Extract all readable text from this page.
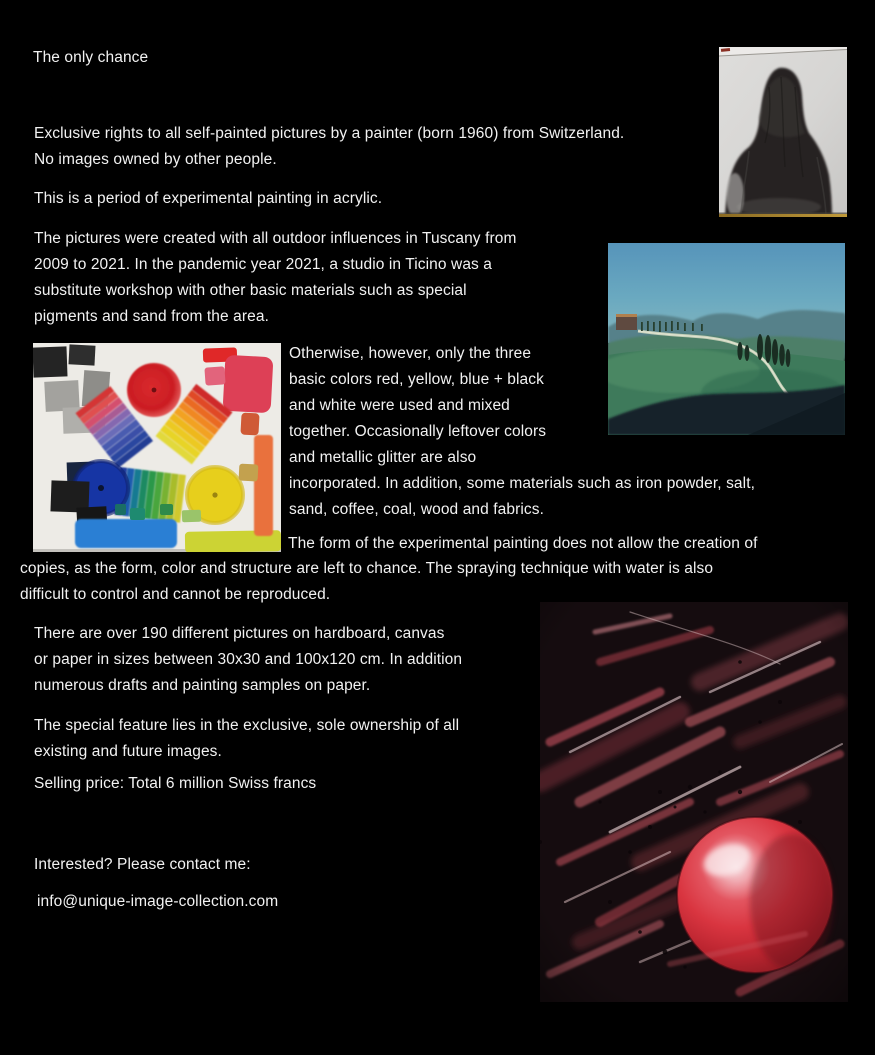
The only chance
Exclusive rights to all self-painted pictures by a painter (born 1960) from Switzerland.
No images owned by other people.
This is a period of experimental painting in acrylic.
The pictures were created with all outdoor influences in Tuscany from
2009 to 2021. In the pandemic year 2021, a studio in Ticino was a
substitute workshop with other basic materials such as special
pigments and sand from the area.
Otherwise, however, only the three
basic colors red, yellow, blue + black
and white were used and mixed
together. Occasionally leftover colors
and metallic glitter are also
incorporated. In addition, some materials such as iron powder, salt,
sand, coffee, coal, wood and fabrics.
The form of the experimental painting does not allow the creation of
copies, as the form, color and structure are left to chance. The spraying technique with water is also
difficult to control and cannot be reproduced.
There are over 190 different pictures on hardboard, canvas
or paper in sizes between 30x30 and 100x120 cm. In addition
numerous drafts and painting samples on paper.
The special feature lies in the exclusive, sole ownership of all
existing and future images.
Selling price: Total 6 million Swiss francs
Interested? Please contact me:
info@unique-image-collection.com
